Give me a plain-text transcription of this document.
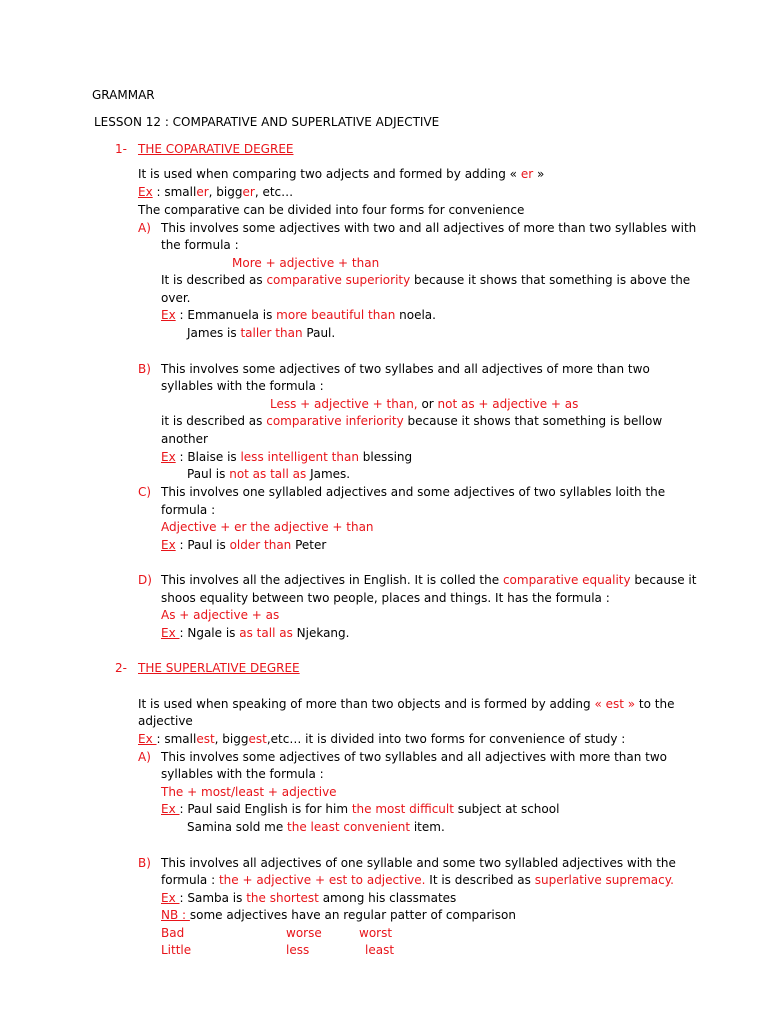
GRAMMAR
LESSON 12 : COMPARATIVE AND SUPERLATIVE ADJECTIVE
1- THE COPARATIVE DEGREE
It is used when comparing two adjects and formed by adding « er »
Ex : smaller, bigger, etc…
The comparative can be divided into four forms for convenience
A) This involves some adjectives with two and all adjectives of more than two syllables with
the formula :
More + adjective + than
It is described as comparative superiority because it shows that something is above the
over.
Ex : Emmanuela is more beautiful than noela.
James is taller than Paul.
B) This involves some adjectives of two syllabes and all adjectives of more than two
syllables with the formula :
Less + adjective + than, or not as + adjective + as
it is described as comparative inferiority because it shows that something is bellow
another
Ex : Blaise is less intelligent than blessing
Paul is not as tall as James.
C) This involves one syllabled adjectives and some adjectives of two syllables loith the
formula :
Adjective + er the adjective + than
Ex : Paul is older than Peter
D) This involves all the adjectives in English. It is colled the comparative equality because it
shoos equality between two people, places and things. It has the formula :
As + adjective + as
Ex : Ngale is as tall as Njekang.
2- THE SUPERLATIVE DEGREE
It is used when speaking of more than two objects and is formed by adding « est » to the
adjective
Ex : smallest, biggest,etc… it is divided into two forms for convenience of study :
A) This involves some adjectives of two syllables and all adjectives with more than two
syllables with the formula :
The + most/least + adjective
Ex : Paul said English is for him the most difficult subject at school
Samina sold me the least convenient item.
B) This involves all adjectives of one syllable and some two syllabled adjectives with the
formula : the + adjective + est to adjective. It is described as superlative supremacy.
Ex : Samba is the shortest among his classmates
NB : some adjectives have an regular patter of comparison
Bad	worse	worst
Little	less	least
